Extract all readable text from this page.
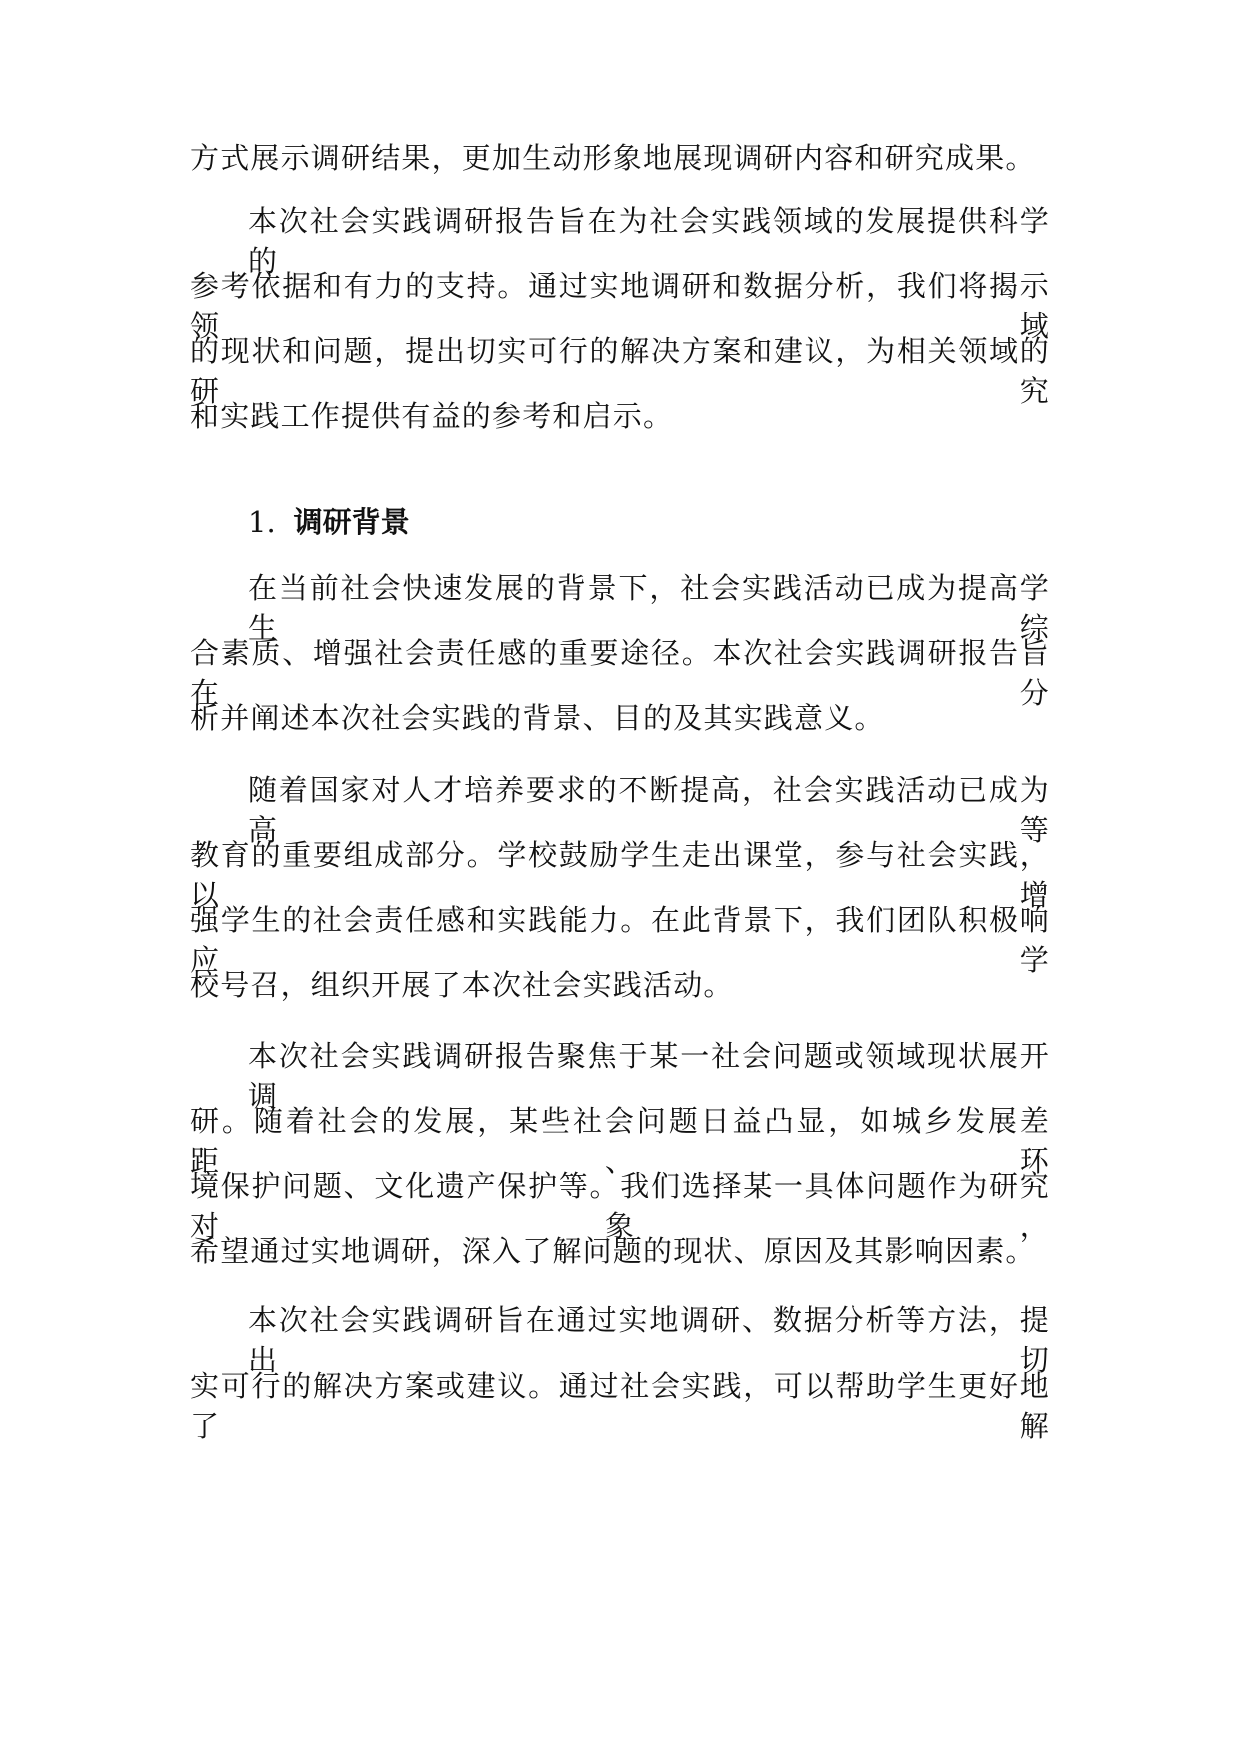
方式展示调研结果，更加生动形象地展现调研内容和研究成果。
本次社会实践调研报告旨在为社会实践领域的发展提供科学的
参考依据和有力的支持。通过实地调研和数据分析，我们将揭示领域
的现状和问题，提出切实可行的解决方案和建议，为相关领域的研究
和实践工作提供有益的参考和启示。
1. 调研背景
在当前社会快速发展的背景下，社会实践活动已成为提高学生综
合素质、增强社会责任感的重要途径。本次社会实践调研报告旨在分
析并阐述本次社会实践的背景、目的及其实践意义。
随着国家对人才培养要求的不断提高，社会实践活动已成为高等
教育的重要组成部分。学校鼓励学生走出课堂，参与社会实践，以增
强学生的社会责任感和实践能力。在此背景下，我们团队积极响应学
校号召，组织开展了本次社会实践活动。
本次社会实践调研报告聚焦于某一社会问题或领域现状展开调
研。随着社会的发展，某些社会问题日益凸显，如城乡发展差距、环
境保护问题、文化遗产保护等。我们选择某一具体问题作为研究对象，
希望通过实地调研，深入了解问题的现状、原因及其影响因素。
本次社会实践调研旨在通过实地调研、数据分析等方法，提出切
实可行的解决方案或建议。通过社会实践，可以帮助学生更好地了解
